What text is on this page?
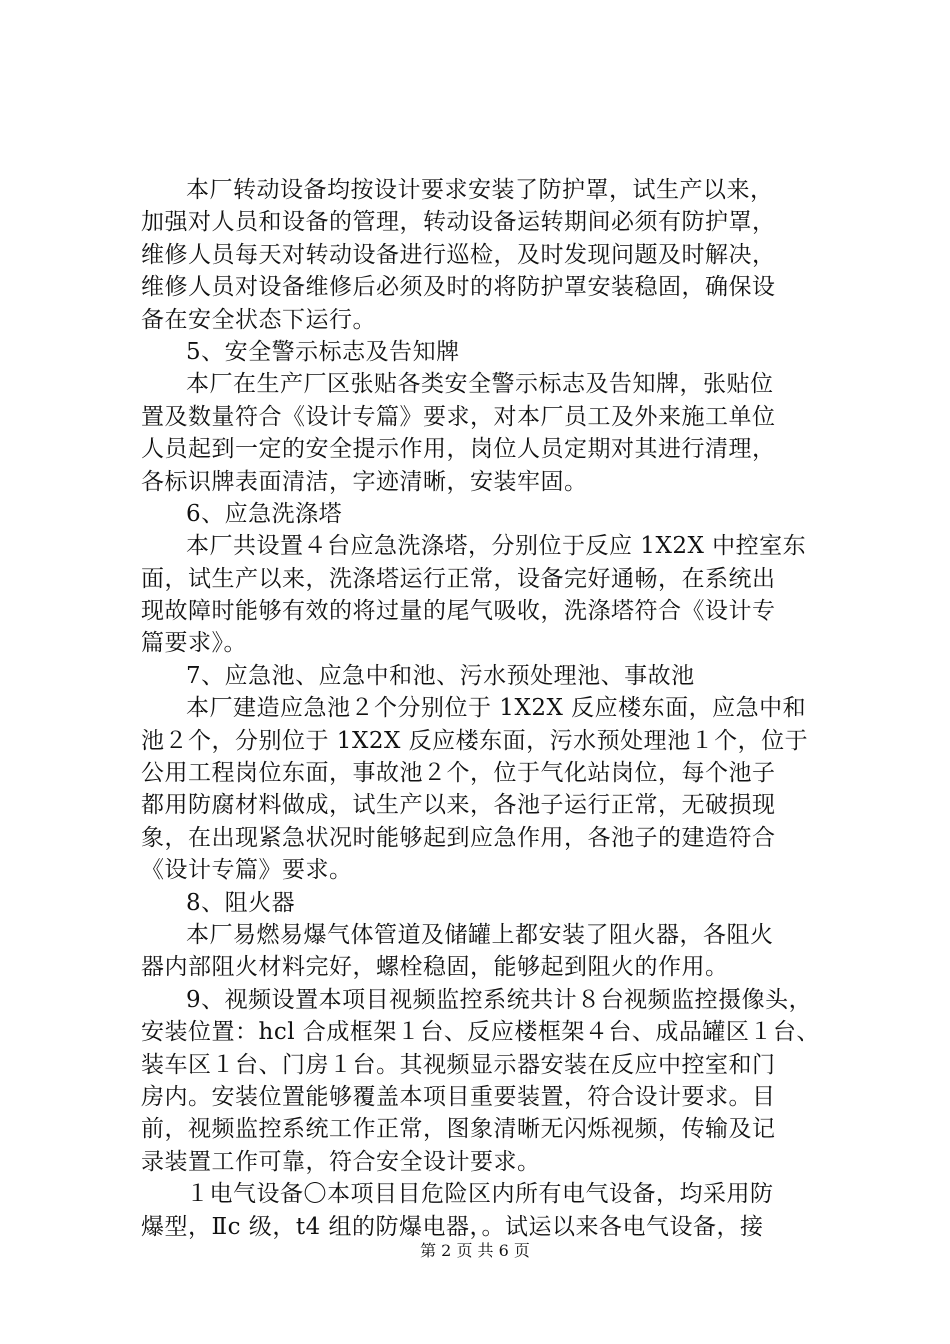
本厂转动设备均按设计要求安装了防护罩，试生产以来，
加强对人员和设备的管理，转动设备运转期间必须有防护罩，
维修人员每天对转动设备进行巡检，及时发现问题及时解决，
维修人员对设备维修后必须及时的将防护罩安装稳固，确保设
备在安全状态下运行。
5、安全警示标志及告知牌
本厂在生产厂区张贴各类安全警示标志及告知牌，张贴位
置及数量符合《设计专篇》要求，对本厂员工及外来施工单位
人员起到一定的安全提示作用，岗位人员定期对其进行清理，
各标识牌表面清洁，字迹清晰，安装牢固。
6、应急洗涤塔
本厂共设置４台应急洗涤塔，分别位于反应 1X2X 中控室东
面，试生产以来，洗涤塔运行正常，设备完好通畅，在系统出
现故障时能够有效的将过量的尾气吸收，洗涤塔符合《设计专
篇要求》。
7、应急池、应急中和池、污水预处理池、事故池
本厂建造应急池２个分别位于 1X2X 反应楼东面，应急中和
池２个，分别位于 1X2X 反应楼东面，污水预处理池１个，位于
公用工程岗位东面，事故池２个，位于气化站岗位，每个池子
都用防腐材料做成，试生产以来，各池子运行正常，无破损现
象，在出现紧急状况时能够起到应急作用，各池子的建造符合
《设计专篇》要求。
8、阻火器
本厂易燃易爆气体管道及储罐上都安装了阻火器，各阻火
器内部阻火材料完好，螺栓稳固，能够起到阻火的作用。
9、视频设置本项目视频监控系统共计８台视频监控摄像头，
安装位置：hcl 合成框架１台、反应楼框架４台、成品罐区１台、
装车区１台、门房１台。其视频显示器安装在反应中控室和门
房内。安装位置能够覆盖本项目重要装置，符合设计要求。目
前，视频监控系统工作正常，图象清晰无闪烁视频，传输及记
录装置工作可靠，符合安全设计要求。
１电气设备〇本项目目危险区内所有电气设备，均采用防
爆型，Ⅱc 级，t4 组的防爆电器，。试运以来各电气设备，接
第 2 页 共 6 页
